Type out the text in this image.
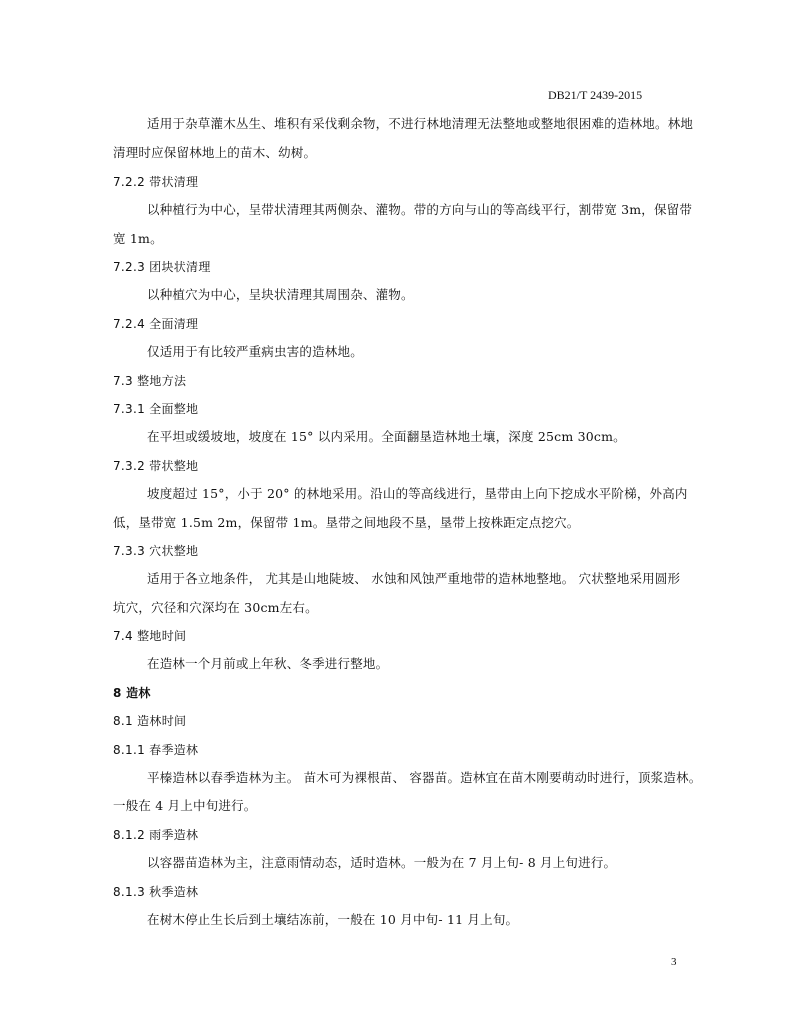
DB21/T 2439-2015
适用于杂草灌木丛生、堆积有采伐剩余物，不进行林地清理无法整地或整地很困难的造林地。林地
清理时应保留林地上的苗木、幼树。
7.2.2 带状清理
以种植行为中心，呈带状清理其两侧杂、灌物。带的方向与山的等高线平行，割带宽 3m，保留带
宽 1m。
7.2.3 团块状清理
以种植穴为中心，呈块状清理其周围杂、灌物。
7.2.4 全面清理
仅适用于有比较严重病虫害的造林地。
7.3 整地方法
7.3.1 全面整地
在平坦或缓坡地，坡度在 15° 以内采用。全面翻垦造林地土壤，深度 25cm 30cm。
7.3.2 带状整地
坡度超过 15°，小于 20° 的林地采用。沿山的等高线进行，垦带由上向下挖成水平阶梯，外高内
低，垦带宽 1.5m 2m，保留带 1m。垦带之间地段不垦，垦带上按株距定点挖穴。
7.3.3 穴状整地
适用于各立地条件， 尤其是山地陡坡、 水蚀和风蚀严重地带的造林地整地。 穴状整地采用圆形
坑穴，穴径和穴深均在 30cm左右。
7.4 整地时间
在造林一个月前或上年秋、冬季进行整地。
8 造林
8.1 造林时间
8.1.1 春季造林
平榛造林以春季造林为主。 苗木可为裸根苗、 容器苗。造林宜在苗木刚要萌动时进行，顶浆造林。
一般在 4 月上中旬进行。
8.1.2 雨季造林
以容器苗造林为主，注意雨情动态，适时造林。一般为在 7 月上旬- 8 月上旬进行。
8.1.3 秋季造林
在树木停止生长后到土壤结冻前，一般在 10 月中旬- 11 月上旬。
3
